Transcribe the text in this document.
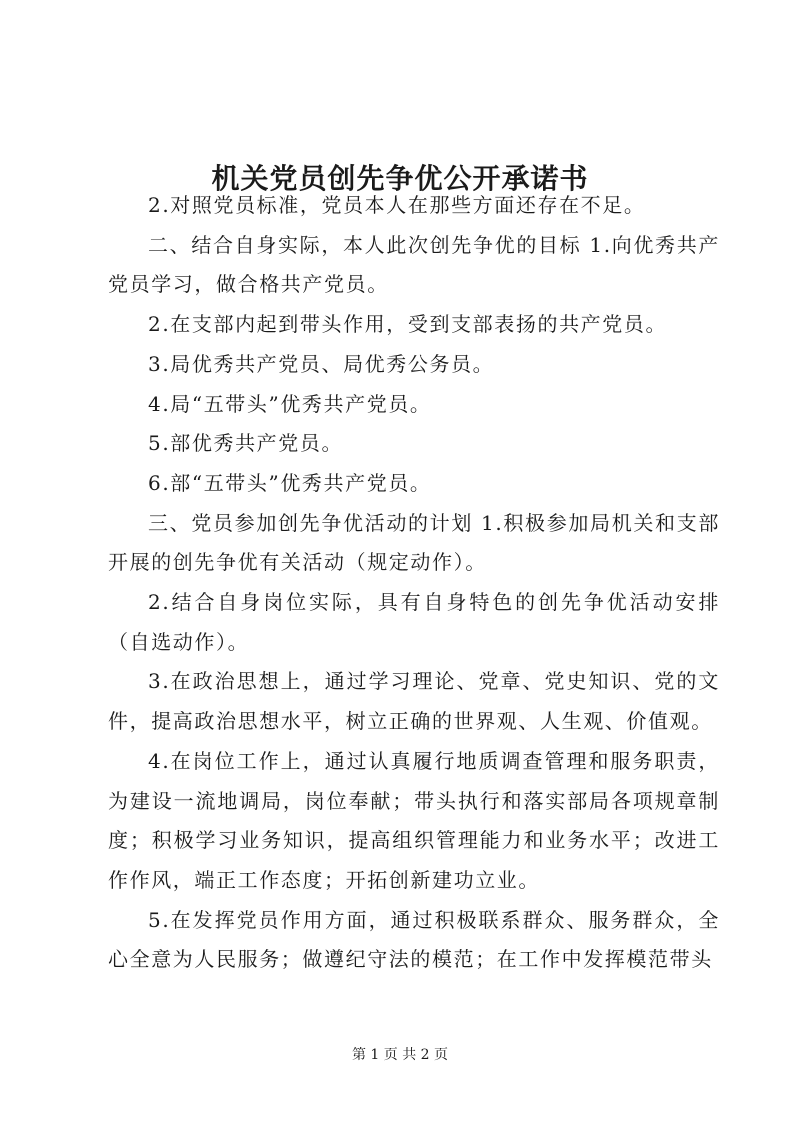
机关党员创先争优公开承诺书

2.对照党员标准，党员本人在那些方面还存在不足。

二、结合自身实际，本人此次创先争优的目标 1.向优秀共产党员学习，做合格共产党员。

2.在支部内起到带头作用，受到支部表扬的共产党员。

3.局优秀共产党员、局优秀公务员。

4.局“五带头”优秀共产党员。

5.部优秀共产党员。

6.部“五带头”优秀共产党员。

三、党员参加创先争优活动的计划 1.积极参加局机关和支部开展的创先争优有关活动（规定动作）。

2.结合自身岗位实际，具有自身特色的创先争优活动安排（自选动作）。

3.在政治思想上，通过学习理论、党章、党史知识、党的文件，提高政治思想水平，树立正确的世界观、人生观、价值观。

4.在岗位工作上，通过认真履行地质调查管理和服务职责，为建设一流地调局，岗位奉献；带头执行和落实部局各项规章制度；积极学习业务知识，提高组织管理能力和业务水平；改进工作作风，端正工作态度；开拓创新建功立业。

5.在发挥党员作用方面，通过积极联系群众、服务群众，全心全意为人民服务；做遵纪守法的模范；在工作中发挥模范带头

第 1 页 共 2 页
